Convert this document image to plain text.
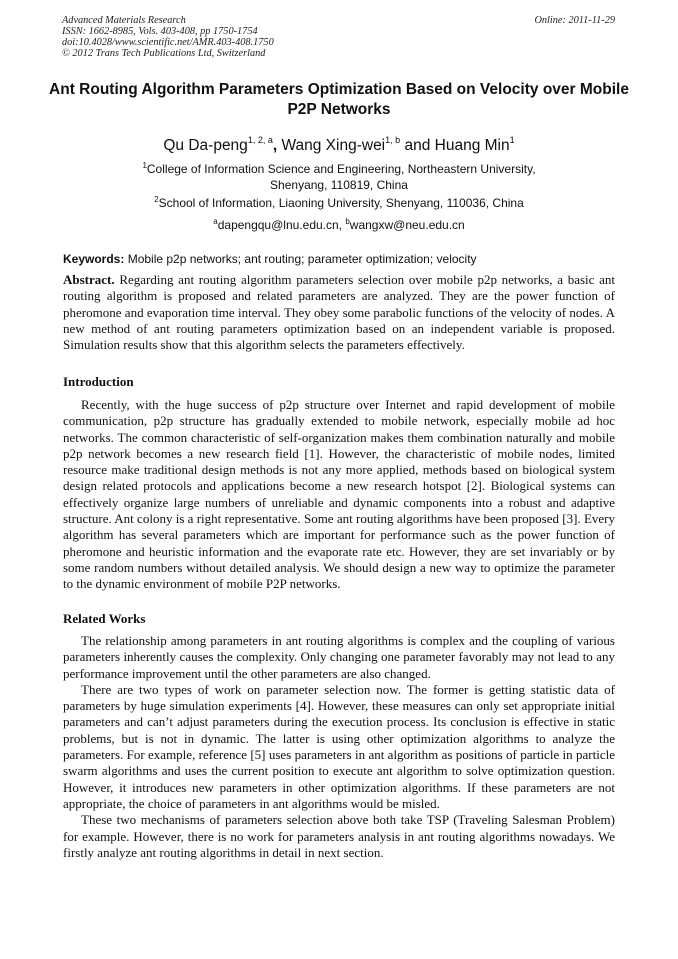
Advanced Materials Research
ISSN: 1662-8985, Vols. 403-408, pp 1750-1754
doi:10.4028/www.scientific.net/AMR.403-408.1750
© 2012 Trans Tech Publications Ltd, Switzerland
Online: 2011-11-29
Ant Routing Algorithm Parameters Optimization Based on Velocity over Mobile P2P Networks
Qu Da-peng$^{1, 2, a}$, Wang Xing-wei$^{1, b}$ and Huang Min$^1$
$^1$College of Information Science and Engineering, Northeastern University,
Shenyang, 110819, China
$^2$School of Information, Liaoning University, Shenyang, 110036, China
$^a$dapengqu@lnu.edu.cn, $^b$wangxw@neu.edu.cn
Keywords: Mobile p2p networks; ant routing; parameter optimization; velocity
Abstract. Regarding ant routing algorithm parameters selection over mobile p2p networks, a basic ant routing algorithm is proposed and related parameters are analyzed. They are the power function of pheromone and evaporation time interval. They obey some parabolic functions of the velocity of nodes. A new method of ant routing parameters optimization based on an independent variable is proposed. Simulation results show that this algorithm selects the parameters effectively.
Introduction

Recently, with the huge success of p2p structure over Internet and rapid development of mobile communication, p2p structure has gradually extended to mobile network, especially mobile ad hoc networks. The common characteristic of self-organization makes them combination naturally and mobile p2p network becomes a new research field [1]. However, the characteristic of mobile nodes, limited resource make traditional design methods is not any more applied, methods based on biological system design related protocols and applications become a new research hotspot [2]. Biological systems can effectively organize large numbers of unreliable and dynamic components into a robust and adaptive structure. Ant colony is a right representative. Some ant routing algorithms have been proposed [3]. Every algorithm has several parameters which are important for performance such as the power function of pheromone and heuristic information and the evaporate rate etc. However, they are set invariably or by some random numbers without detailed analysis. We should design a new way to optimize the parameter to the dynamic environment of mobile P2P networks.

Related Works

The relationship among parameters in ant routing algorithms is complex and the coupling of various parameters inherently causes the complexity. Only changing one parameter favorably may not lead to any performance improvement until the other parameters are also changed.

There are two types of work on parameter selection now. The former is getting statistic data of parameters by huge simulation experiments [4]. However, these measures can only set appropriate initial parameters and can’t adjust parameters during the execution process. Its conclusion is effective in static problems, but is not in dynamic. The latter is using other optimization algorithms to analyze the parameters. For example, reference [5] uses parameters in ant algorithm as positions of particle in particle swarm algorithms and uses the current position to execute ant algorithm to solve optimization question. However, it introduces new parameters in other optimization algorithms. If these parameters are not appropriate, the choice of parameters in ant algorithms would be misled.

These two mechanisms of parameters selection above both take TSP (Traveling Salesman Problem) for example. However, there is no work for parameters analysis in ant routing algorithms nowadays. We firstly analyze ant routing algorithms in detail in next section.
